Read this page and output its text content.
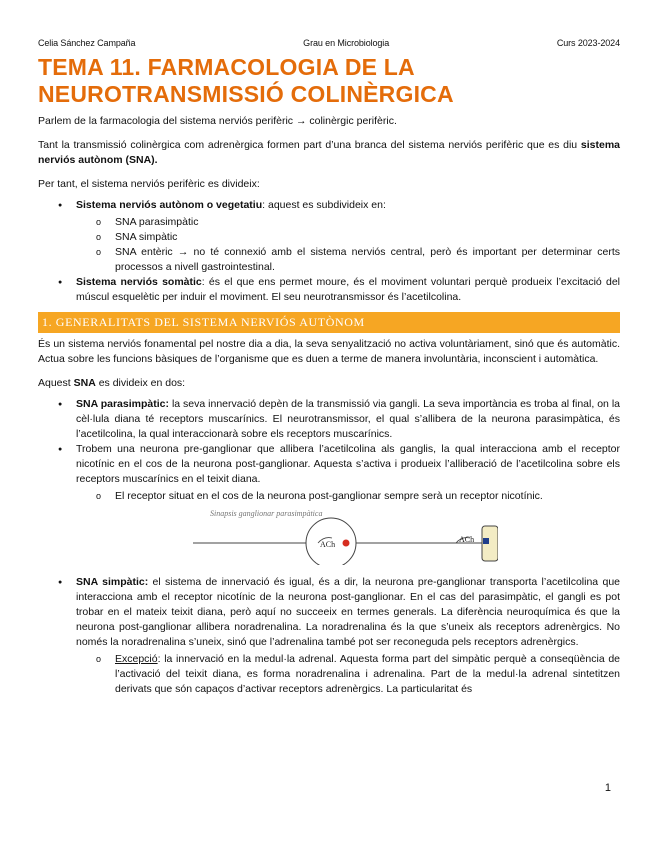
Celia Sánchez Campaña	Grau en Microbiologia	Curs 2023-2024
TEMA 11. FARMACOLOGIA DE LA NEUROTRANSMISSIÓ COLINÈRGICA

Parlem de la farmacologia del sistema nerviós perifèric → colinèrgic perifèric.

Tant la transmissió colinèrgica com adrenèrgica formen part d’una branca del sistema nerviós perifèric que es diu sistema nerviós autònom (SNA).

Per tant, el sistema nerviós perifèric es divideix:

● Sistema nerviós autònom o vegetatiu: aquest es subdivideix en:
o SNA parasimpàtic
o SNA simpàtic
o SNA entèric → no té connexió amb el sistema nerviós central, però és important per determinar certs processos a nivell gastrointestinal.
● Sistema nerviós somàtic: és el que ens permet moure, és el moviment voluntari perquè produeix l’excitació del múscul esquelètic per induir el moviment. El seu neurotransmissor és l’acetilcolina.
1. GENERALITATS DEL SISTEMA NERVIÓS AUTÒNOM

És un sistema nerviós fonamental pel nostre dia a dia, la seva senyalització no activa voluntàriament, sinó que és automàtic. Actua sobre les funcions bàsiques de l’organisme que es duen a terme de manera involuntària, inconscient i automàtica.

Aquest SNA es divideix en dos:

● SNA parasimpàtic: la seva innervació depèn de la transmissió via gangli. La seva importància es troba al final, on la cèl·lula diana té receptors muscarínics. El neurotransmissor, el qual s’allibera de la neurona parasimpàtica, és l’acetilcolina, la qual interaccionarà sobre els receptors muscarínics.
● Trobem una neurona pre-ganglionar que allibera l’acetilcolina als ganglis, la qual interacciona amb el receptor nicotínic en el cos de la neurona post-ganglionar. Aquesta s’activa i produeix l’alliberació de l’acetilcolina sobre els receptors muscarínics en el teixit diana.
o El receptor situat en el cos de la neurona post-ganglionar sempre serà un receptor nicotínic.
Sinapsis ganglionar parasimpàtica
ACh
ACh
● SNA simpàtic: el sistema de innervació és igual, és a dir, la neurona pre-ganglionar transporta l’acetilcolina que interacciona amb el receptor nicotínic de la neurona post-ganglionar. En el cas del parasimpàtic, el gangli es pot trobar en el mateix teixit diana, però aquí no succeeix en termes generals. La diferència neuroquímica és que la neurona post-ganglionar allibera noradrenalina. La noradrenalina és la que s’uneix als receptors adrenèrgics. No només la noradrenalina s’uneix, sinó que l’adrenalina també pot ser reconeguda pels receptors adrenèrgics.
o Excepció: la innervació en la medul·la adrenal. Aquesta forma part del simpàtic perquè a conseqüència de l’activació del teixit diana, es forma noradrenalina i adrenalina. Part de la medul·la adrenal sintetitzen derivats que són capaços d’activar receptors adrenèrgics. La particularitat és
1
